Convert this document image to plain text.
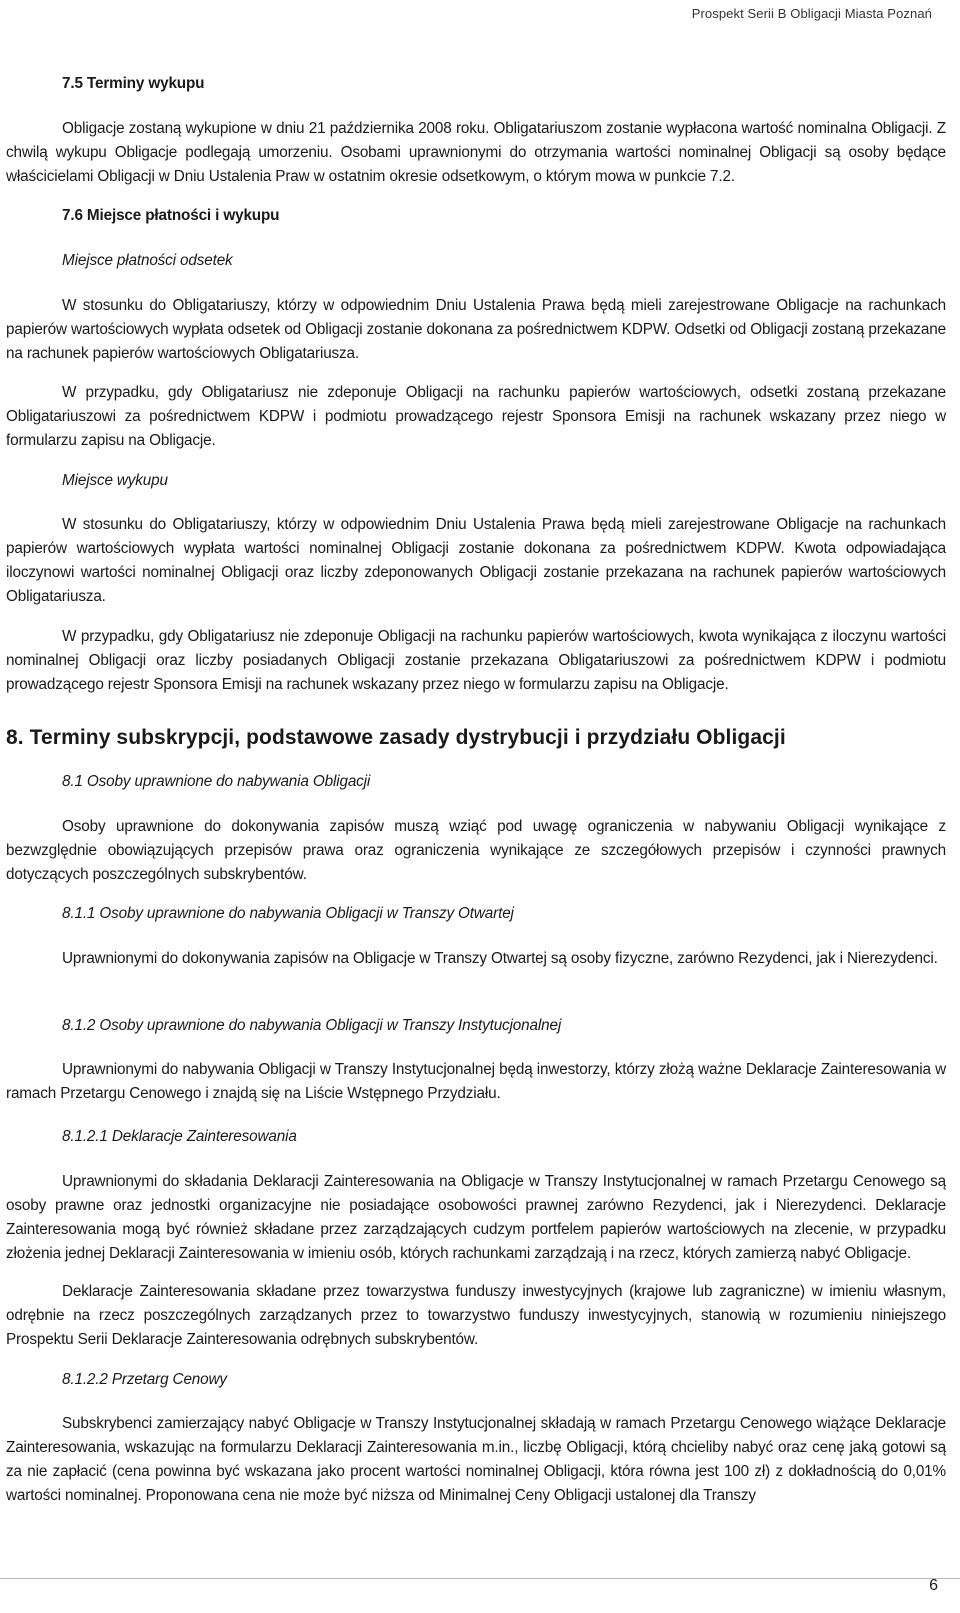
Prospekt Serii B Obligacji Miasta Poznań
7.5 Terminy wykupu
Obligacje zostaną wykupione w dniu 21 października 2008 roku. Obligatariuszom zostanie wypłacona wartość nominalna Obligacji. Z chwilą wykupu Obligacje podlegają umorzeniu. Osobami uprawnionymi do otrzymania wartości nominalnej Obligacji są osoby będące właścicielami Obligacji w Dniu Ustalenia Praw w ostatnim okresie odsetkowym, o którym mowa w punkcie 7.2.
7.6 Miejsce płatności i wykupu
Miejsce płatności odsetek
W stosunku do Obligatariuszy, którzy w odpowiednim Dniu Ustalenia Prawa będą mieli zarejestrowane Obligacje na rachunkach papierów wartościowych wypłata odsetek od Obligacji zostanie dokonana za pośrednictwem KDPW. Odsetki od Obligacji zostaną przekazane na rachunek papierów wartościowych Obligatariusza.
W przypadku, gdy Obligatariusz nie zdeponuje Obligacji na rachunku papierów wartościowych, odsetki zostaną przekazane Obligatariuszowi za pośrednictwem KDPW i podmiotu prowadzącego rejestr Sponsora Emisji na rachunek wskazany przez niego w formularzu zapisu na Obligacje.
Miejsce wykupu
W stosunku do Obligatariuszy, którzy w odpowiednim Dniu Ustalenia Prawa będą mieli zarejestrowane Obligacje na rachunkach papierów wartościowych wypłata wartości nominalnej Obligacji zostanie dokonana za pośrednictwem KDPW. Kwota odpowiadająca iloczynowi wartości nominalnej Obligacji oraz liczby zdeponowanych Obligacji zostanie przekazana na rachunek papierów wartościowych Obligatariusza.
W przypadku, gdy Obligatariusz nie zdeponuje Obligacji na rachunku papierów wartościowych, kwota wynikająca z iloczynu wartości nominalnej Obligacji oraz liczby posiadanych Obligacji zostanie przekazana Obligatariuszowi za pośrednictwem KDPW i podmiotu prowadzącego rejestr Sponsora Emisji na rachunek wskazany przez niego w formularzu zapisu na Obligacje.
8. Terminy subskrypcji, podstawowe zasady dystrybucji i przydziału Obligacji
8.1 Osoby uprawnione do nabywania Obligacji
Osoby uprawnione do dokonywania zapisów muszą wziąć pod uwagę ograniczenia w nabywaniu Obligacji wynikające z bezwzględnie obowiązujących przepisów prawa oraz ograniczenia wynikające ze szczegółowych przepisów i czynności prawnych dotyczących poszczególnych subskrybentów.
8.1.1 Osoby uprawnione do nabywania Obligacji w Transzy Otwartej
Uprawnionymi do dokonywania zapisów na Obligacje w Transzy Otwartej są osoby fizyczne, zarówno Rezydenci, jak i Nierezydenci.
8.1.2 Osoby uprawnione do nabywania Obligacji w Transzy Instytucjonalnej
Uprawnionymi do nabywania Obligacji w Transzy Instytucjonalnej będą inwestorzy, którzy złożą ważne Deklaracje Zainteresowania w ramach Przetargu Cenowego i znajdą się na Liście Wstępnego Przydziału.
8.1.2.1 Deklaracje Zainteresowania
Uprawnionymi do składania Deklaracji Zainteresowania na Obligacje w Transzy Instytucjonalnej w ramach Przetargu Cenowego są osoby prawne oraz jednostki organizacyjne nie posiadające osobowości prawnej zarówno Rezydenci, jak i Nierezydenci. Deklaracje Zainteresowania mogą być również składane przez zarządzających cudzym portfelem papierów wartościowych na zlecenie, w przypadku złożenia jednej Deklaracji Zainteresowania w imieniu osób, których rachunkami zarządzają i na rzecz, których zamierzą nabyć Obligacje.
Deklaracje Zainteresowania składane przez towarzystwa funduszy inwestycyjnych (krajowe lub zagraniczne) w imieniu własnym, odrębnie na rzecz poszczególnych zarządzanych przez to towarzystwo funduszy inwestycyjnych, stanowią w rozumieniu niniejszego Prospektu Serii Deklaracje Zainteresowania odrębnych subskrybentów.
8.1.2.2 Przetarg Cenowy
Subskrybenci zamierzający nabyć Obligacje w Transzy Instytucjonalnej składają w ramach Przetargu Cenowego wiążące Deklaracje Zainteresowania, wskazując na formularzu Deklaracji Zainteresowania m.in., liczbę Obligacji, którą chcieliby nabyć oraz cenę jaką gotowi są za nie zapłacić (cena powinna być wskazana jako procent wartości nominalnej Obligacji, która równa jest 100 zł) z dokładnością do 0,01% wartości nominalnej. Proponowana cena nie może być niższa od Minimalnej Ceny Obligacji ustalonej dla Transzy
6
